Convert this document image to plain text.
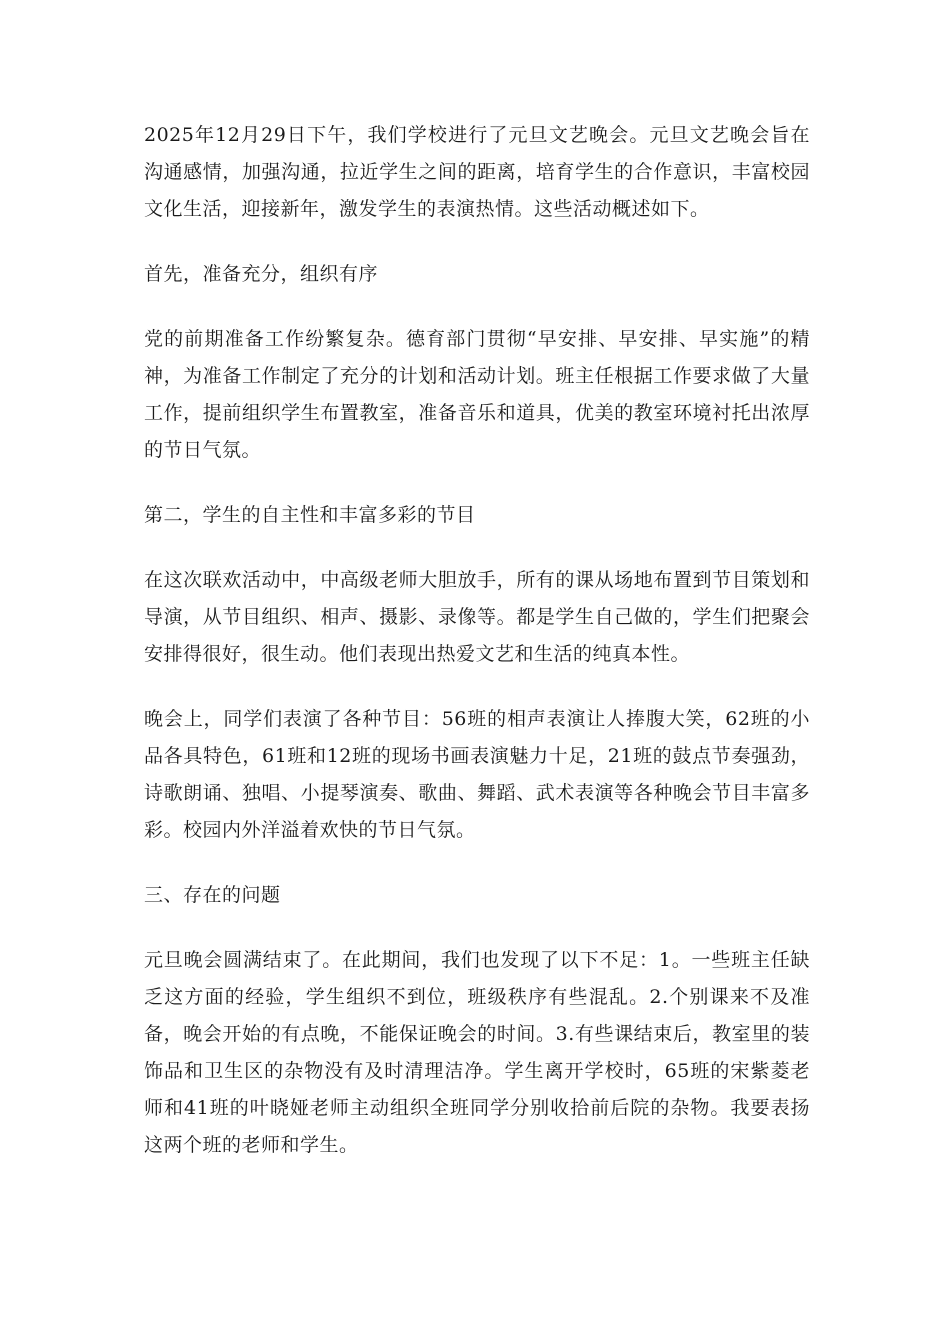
2025年12月29日下午，我们学校进行了元旦文艺晚会。元旦文艺晚会旨在沟通感情，加强沟通，拉近学生之间的距离，培育学生的合作意识，丰富校园文化生活，迎接新年，激发学生的表演热情。这些活动概述如下。

首先，准备充分，组织有序

党的前期准备工作纷繁复杂。德育部门贯彻“早安排、早安排、早实施”的精神，为准备工作制定了充分的计划和活动计划。班主任根据工作要求做了大量工作，提前组织学生布置教室，准备音乐和道具，优美的教室环境衬托出浓厚的节日气氛。

第二，学生的自主性和丰富多彩的节目

在这次联欢活动中，中高级老师大胆放手，所有的课从场地布置到节目策划和导演，从节目组织、相声、摄影、录像等。都是学生自己做的，学生们把聚会安排得很好，很生动。他们表现出热爱文艺和生活的纯真本性。

晚会上，同学们表演了各种节目：56班的相声表演让人捧腹大笑，62班的小品各具特色，61班和12班的现场书画表演魅力十足，21班的鼓点节奏强劲，诗歌朗诵、独唱、小提琴演奏、歌曲、舞蹈、武术表演等各种晚会节目丰富多彩。校园内外洋溢着欢快的节日气氛。

三、存在的问题

元旦晚会圆满结束了。在此期间，我们也发现了以下不足：1。一些班主任缺乏这方面的经验，学生组织不到位，班级秩序有些混乱。2.个别课来不及准备，晚会开始的有点晚，不能保证晚会的时间。3.有些课结束后，教室里的装饰品和卫生区的杂物没有及时清理洁净。学生离开学校时，65班的宋紫菱老师和41班的叶晓娅老师主动组织全班同学分别收拾前后院的杂物。我要表扬这两个班的老师和学生。
